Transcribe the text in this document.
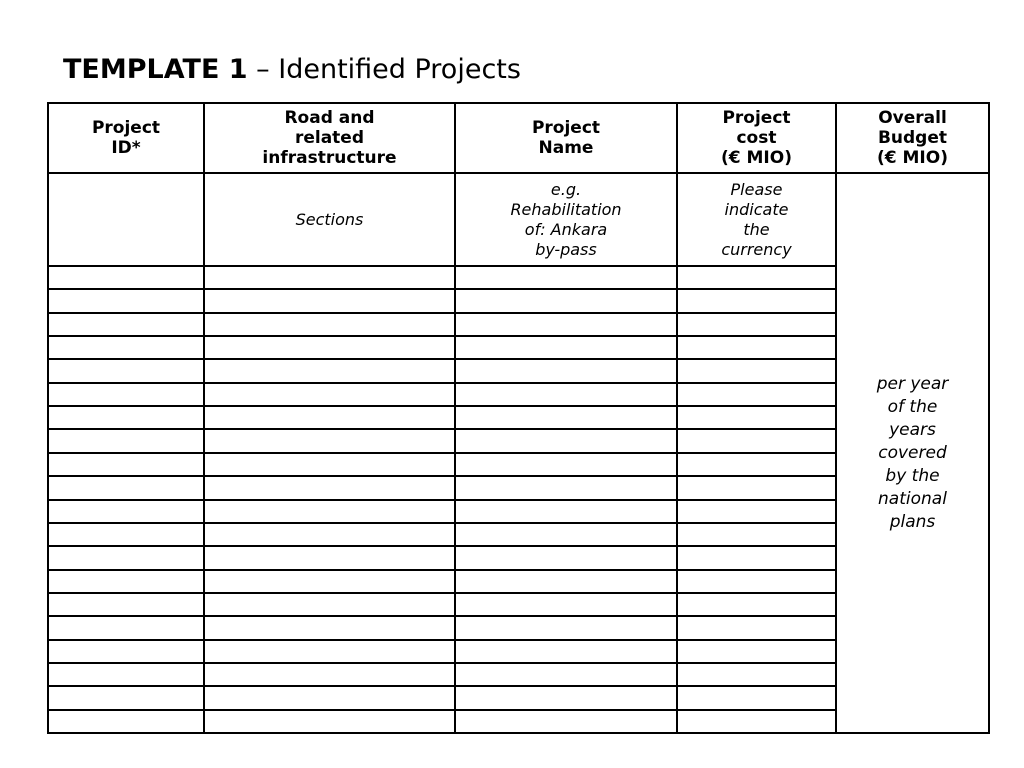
TEMPLATE 1 – Identified Projects
Project
ID*
Road and
related
infrastructure
Project
Name
Project
cost
(€ MIO)
Overall
Budget
(€ MIO)
Sections
e.g.
Rehabilitation
of: Ankara
by-pass
Please
indicate
the
currency
per year
of the
years
covered
by the
national
plans
